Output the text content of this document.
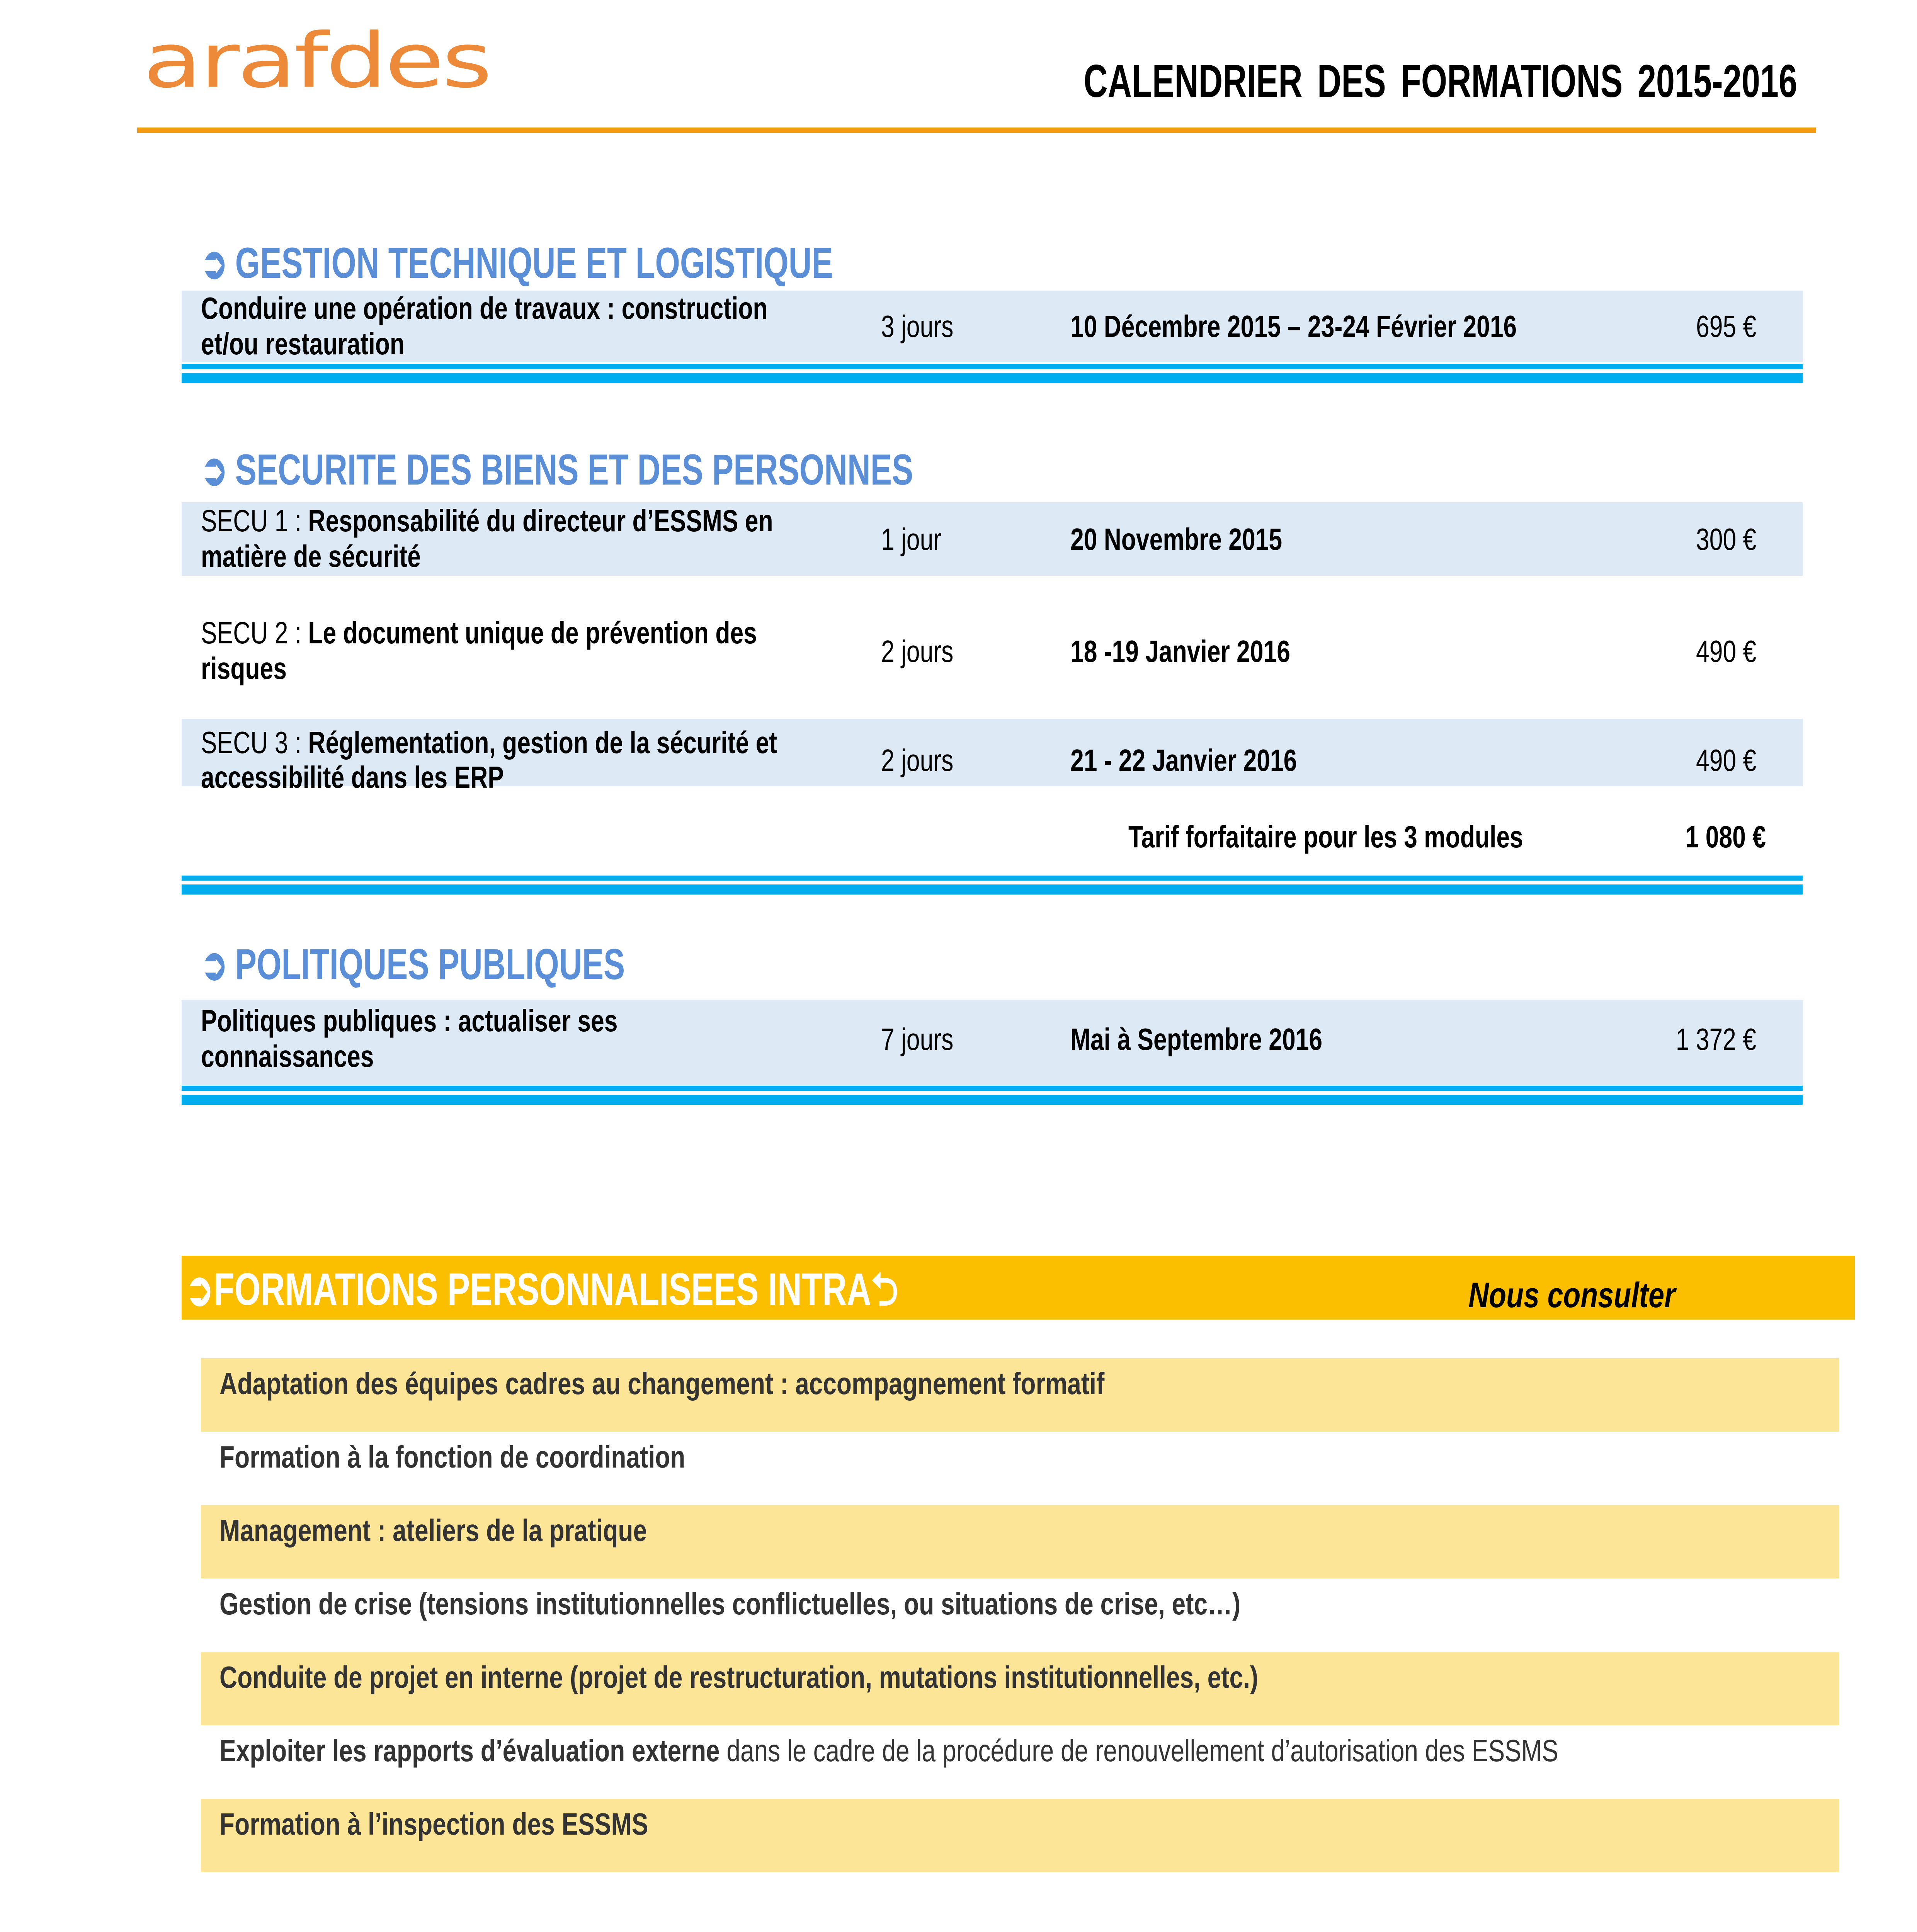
arafdes	CALENDRIER DES FORMATIONS 2015-2016
➲ GESTION TECHNIQUE ET LOGISTIQUE
Conduire une opération de travaux : construction
et/ou restauration
3 jours	10 Décembre 2015 – 23-24 Février 2016	695 €
➲ SECURITE DES BIENS ET DES PERSONNES
SECU 1 : Responsabilité du directeur d’ESSMS en
matière de sécurité	1 jour	20 Novembre 2015	300 €
SECU 2 : Le document unique de prévention des
risques	2 jours	18 -19 Janvier 2016	490 €
SECU 3 : Réglementation, gestion de la sécurité et
accessibilité dans les ERP	2 jours	21 - 22 Janvier 2016	490 €
Tarif forfaitaire pour les 3 modules	1 080 €
➲ POLITIQUES PUBLIQUES
Politiques publiques : actualiser ses
connaissances	7 jours	Mai à Septembre 2016	1 372 €
➲FORMATIONS PERSONNALISEES INTRA⮌	Nous consulter
Adaptation des équipes cadres au changement : accompagnement formatif
Formation à la fonction de coordination
Management : ateliers de la pratique
Gestion de crise (tensions institutionnelles conflictuelles, ou situations de crise, etc…)
Conduite de projet en interne (projet de restructuration, mutations institutionnelles, etc.)
Exploiter les rapports d’évaluation externe dans le cadre de la procédure de renouvellement d’autorisation des ESSMS
Formation à l’inspection des ESSMS
